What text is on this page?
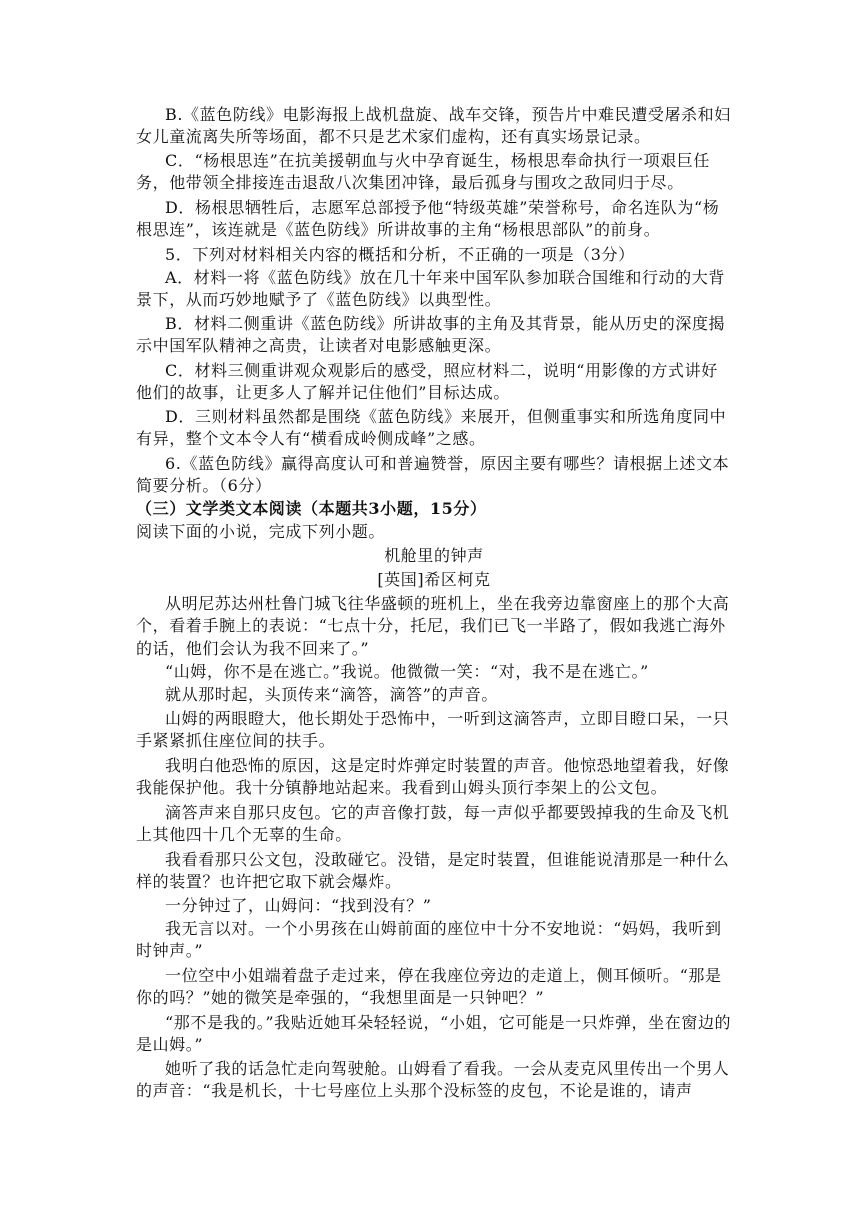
B.《蓝色防线》电影海报上战机盘旋、战车交锋，预告片中难民遭受屠杀和妇女儿童流离失所等场面，都不只是艺术家们虚构，还有真实场景记录。

C．“杨根思连”在抗美援朝血与火中孕育诞生，杨根思奉命执行一项艰巨任务，他带领全排接连击退敌八次集团冲锋，最后孤身与围攻之敌同归于尽。

D．杨根思牺牲后，志愿军总部授予他“特级英雄”荣誉称号，命名连队为“杨根思连”，该连就是《蓝色防线》所讲故事的主角“杨根思部队”的前身。

5．下列对材料相关内容的概括和分析，不正确的一项是（3分）

A．材料一将《蓝色防线》放在几十年来中国军队参加联合国维和行动的大背景下，从而巧妙地赋予了《蓝色防线》以典型性。

B．材料二侧重讲《蓝色防线》所讲故事的主角及其背景，能从历史的深度揭示中国军队精神之高贵，让读者对电影感触更深。

C．材料三侧重讲观众观影后的感受，照应材料二，说明“用影像的方式讲好他们的故事，让更多人了解并记住他们”目标达成。

D．三则材料虽然都是围绕《蓝色防线》来展开，但侧重事实和所选角度同中有异，整个文本令人有“横看成岭侧成峰”之感。

6.《蓝色防线》赢得高度认可和普遍赞誉，原因主要有哪些？请根据上述文本简要分析。（6分）

（三）文学类文本阅读（本题共3小题，15分）

阅读下面的小说，完成下列小题。

机舱里的钟声

[英国]希区柯克

从明尼苏达州杜鲁门城飞往华盛顿的班机上，坐在我旁边靠窗座上的那个大高个，看着手腕上的表说：“七点十分，托尼，我们已飞一半路了，假如我逃亡海外的话，他们会认为我不回来了。”

“山姆，你不是在逃亡。”我说。他微微一笑：“对，我不是在逃亡。”

就从那时起，头顶传来“滴答，滴答”的声音。

山姆的两眼瞪大，他长期处于恐怖中，一听到这滴答声，立即目瞪口呆，一只手紧紧抓住座位间的扶手。

我明白他恐怖的原因，这是定时炸弹定时装置的声音。他惊恐地望着我，好像我能保护他。我十分镇静地站起来。我看到山姆头顶行李架上的公文包。

滴答声来自那只皮包。它的声音像打鼓，每一声似乎都要毁掉我的生命及飞机上其他四十几个无辜的生命。

我看看那只公文包，没敢碰它。没错，是定时装置，但谁能说清那是一种什么样的装置？也许把它取下就会爆炸。

一分钟过了，山姆问：“找到没有？”

我无言以对。一个小男孩在山姆前面的座位中十分不安地说：“妈妈，我听到时钟声。”

一位空中小姐端着盘子走过来，停在我座位旁边的走道上，侧耳倾听。“那是你的吗？”她的微笑是牵强的，“我想里面是一只钟吧？”

“那不是我的。”我贴近她耳朵轻轻说，“小姐，它可能是一只炸弹，坐在窗边的是山姆。”

她听了我的话急忙走向驾驶舱。山姆看了看我。一会从麦克风里传出一个男人的声音：“我是机长，十七号座位上头那个没标签的皮包，不论是谁的，请声
